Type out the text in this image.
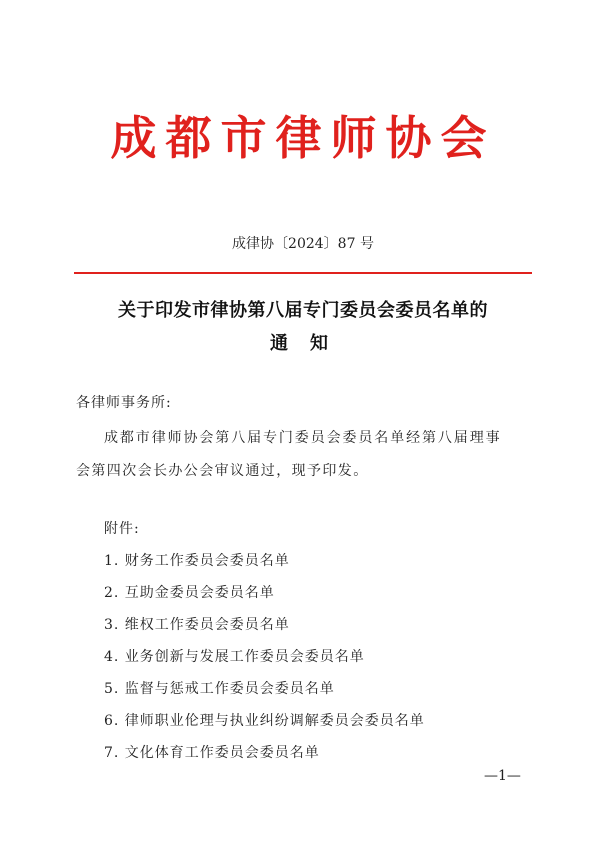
成都市律师协会
成律协〔2024〕87 号
关于印发市律协第八届专门委员会委员名单的
通知
各律师事务所:
成都市律师协会第八届专门委员会委员名单经第八届理事
会第四次会长办公会审议通过，现予印发。
附件:
1. 财务工作委员会委员名单
2. 互助金委员会委员名单
3. 维权工作委员会委员名单
4. 业务创新与发展工作委员会委员名单
5. 监督与惩戒工作委员会委员名单
6. 律师职业伦理与执业纠纷调解委员会委员名单
7. 文化体育工作委员会委员名单
—1—
